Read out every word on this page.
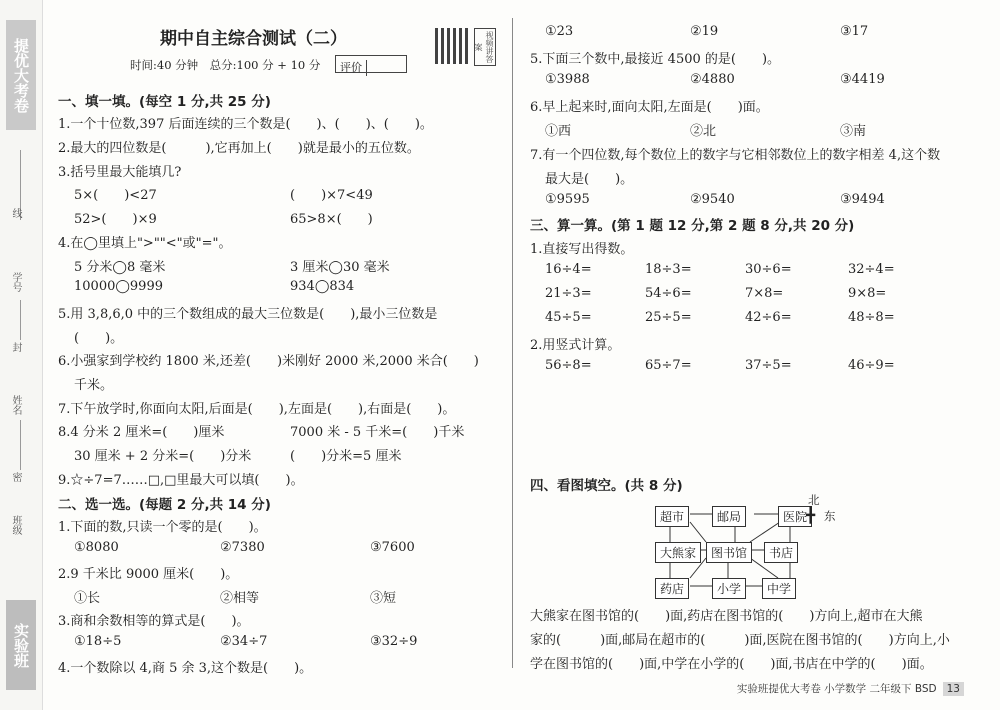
提优大考卷
线
学号
封
姓名
密
班级
实验班
期中自主综合测试（二）
时间:40 分钟　总分:100 分 + 10 分	评价
视频讲答案
一、填一填。(每空 1 分,共 25 分)
1.一个十位数,397 后面连续的三个数是(　　)、(　　)、(　　)。
2.最大的四位数是(　　　),它再加上(　　)就是最小的五位数。
3.括号里最大能填几?
5×(　　)<27	(　　)×7<49
52>(　　)×9	65>8×(　　)
4.在◯里填上">""<"或"="。
5 分米◯8 毫米	3 厘米◯30 毫米
10000◯9999	934◯834
5.用 3,8,6,0 中的三个数组成的最大三位数是(　　),最小三位数是
(　　)。
6.小强家到学校约 1800 米,还差(　　)米刚好 2000 米,2000 米合(　　)
千米。
7.下午放学时,你面向太阳,后面是(　　),左面是(　　),右面是(　　)。
8.4 分米 2 厘米=(　　)厘米	7000 米 - 5 千米=(　　)千米
30 厘米 + 2 分米=(　　)分米	(　　)分米=5 厘米
9.☆÷7=7……□,□里最大可以填(　　)。
二、选一选。(每题 2 分,共 14 分)
1.下面的数,只读一个零的是(　　)。
①8080	②7380	③7600
2.9 千米比 9000 厘米(　　)。
①长	②相等	③短
3.商和余数相等的算式是(　　)。
①18÷5	②34÷7	③32÷9
4.一个数除以 4,商 5 余 3,这个数是(　　)。
①23	②19	③17
5.下面三个数中,最接近 4500 的是(　　)。
①3988	②4880	③4419
6.早上起来时,面向太阳,左面是(　　)面。
①西	②北	③南
7.有一个四位数,每个数位上的数字与它相邻数位上的数字相差 4,这个数
最大是(　　)。
①9595	②9540	③9494
三、算一算。(第 1 题 12 分,第 2 题 8 分,共 20 分)
1.直接写出得数。
16÷4=	18÷3=	30÷6=	32÷4=
21÷3=	54÷6=	7×8=	9×8=
45÷5=	25÷5=	42÷6=	48÷8=
2.用竖式计算。
56÷8=	65÷7=	37÷5=	46÷9=
四、看图填空。(共 8 分)
超市	邮局	医院
大熊家	图书馆	书店
药店	小学	中学
北
╋ 东
大熊家在图书馆的(　　)面,药店在图书馆的(　　)方向上,超市在大熊
家的(　　　)面,邮局在超市的(　　　)面,医院在图书馆的(　　)方向上,小
学在图书馆的(　　)面,中学在小学的(　　)面,书店在中学的(　　)面。
实验班提优大考卷 小学数学 二年级下 BSD 13
